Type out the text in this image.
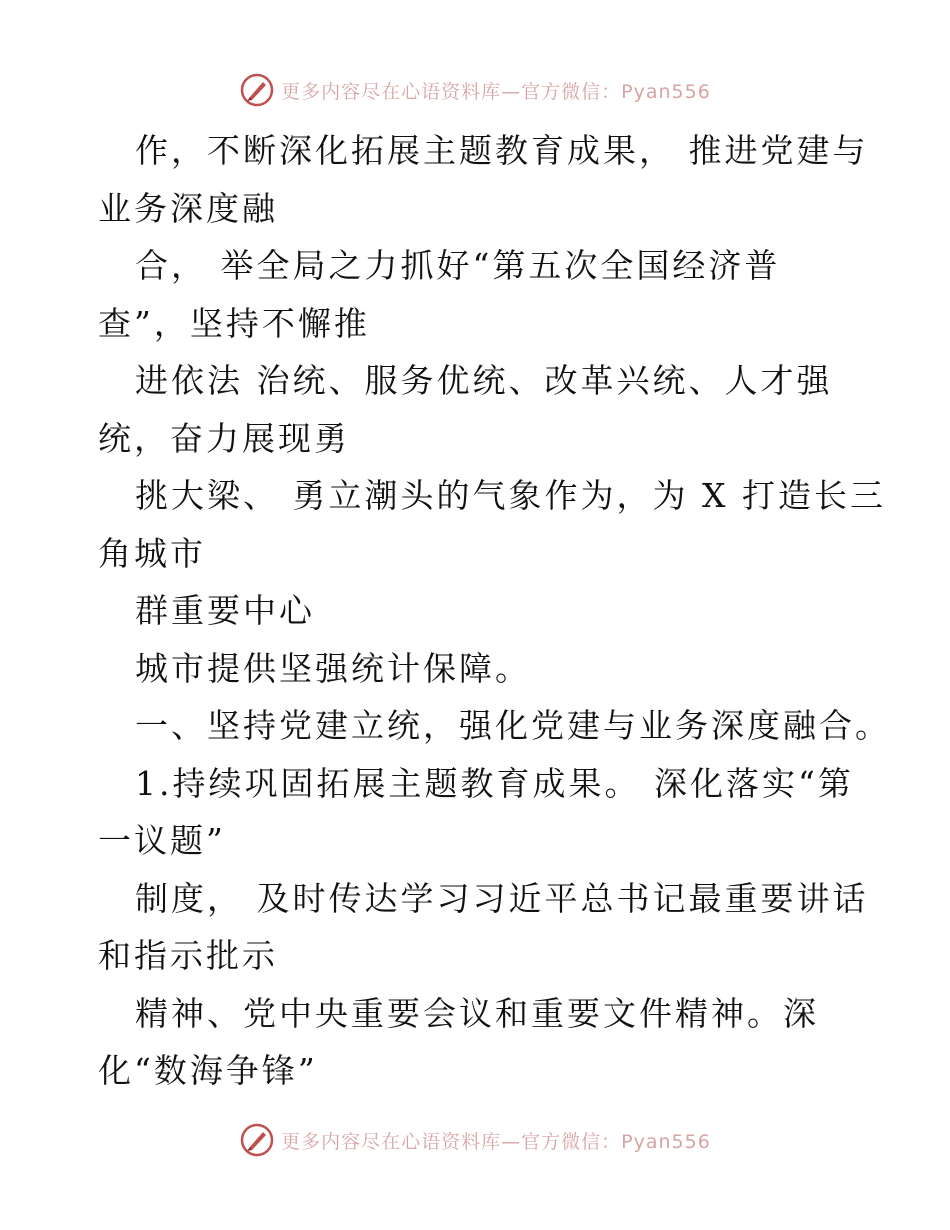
更多内容尽在心语资料库—官方微信：Pyan556
作，不断深化拓展主题教育成果， 推进党建与
业务深度融
合， 举全局之力抓好“第五次全国经济普
查”，坚持不懈推
进依法 治统、服务优统、改革兴统、人才强
统，奋力展现勇
挑大梁、 勇立潮头的气象作为，为 X 打造长三
角城市
群重要中心
城市提供坚强统计保障。
一、坚持党建立统，强化党建与业务深度融合。
1.持续巩固拓展主题教育成果。 深化落实“第
一议题”
制度， 及时传达学习习近平总书记最重要讲话
和指示批示
精神、党中央重要会议和重要文件精神。深
化“数海争锋”
更多内容尽在心语资料库—官方微信：Pyan556
